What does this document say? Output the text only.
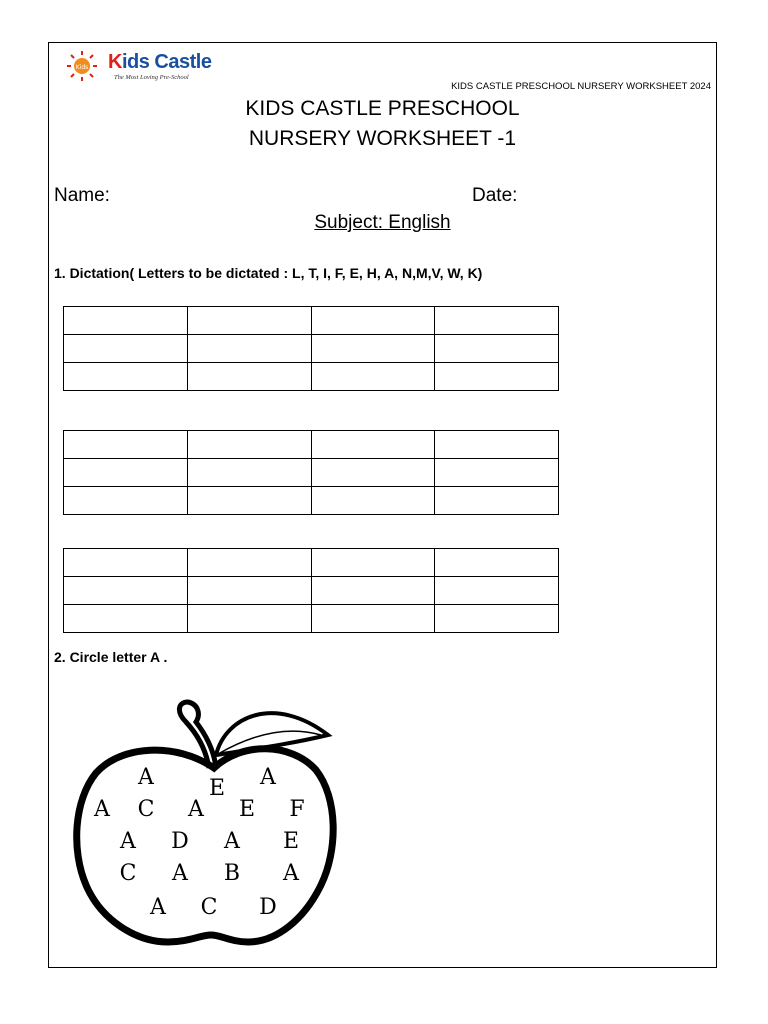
Kids Kids Castle
The Most Loving Pre-School
KIDS CASTLE PRESCHOOL NURSERY WORKSHEET 2024
KIDS CASTLE PRESCHOOL
NURSERY WORKSHEET -1
Name:	Date:
Subject: English
1. Dictation( Letters to be dictated : L, T, I, F, E, H, A, N,M,V, W, K)

2. Circle letter A .
A	E A
A C A E F
A D A E
C A B A
A C D
